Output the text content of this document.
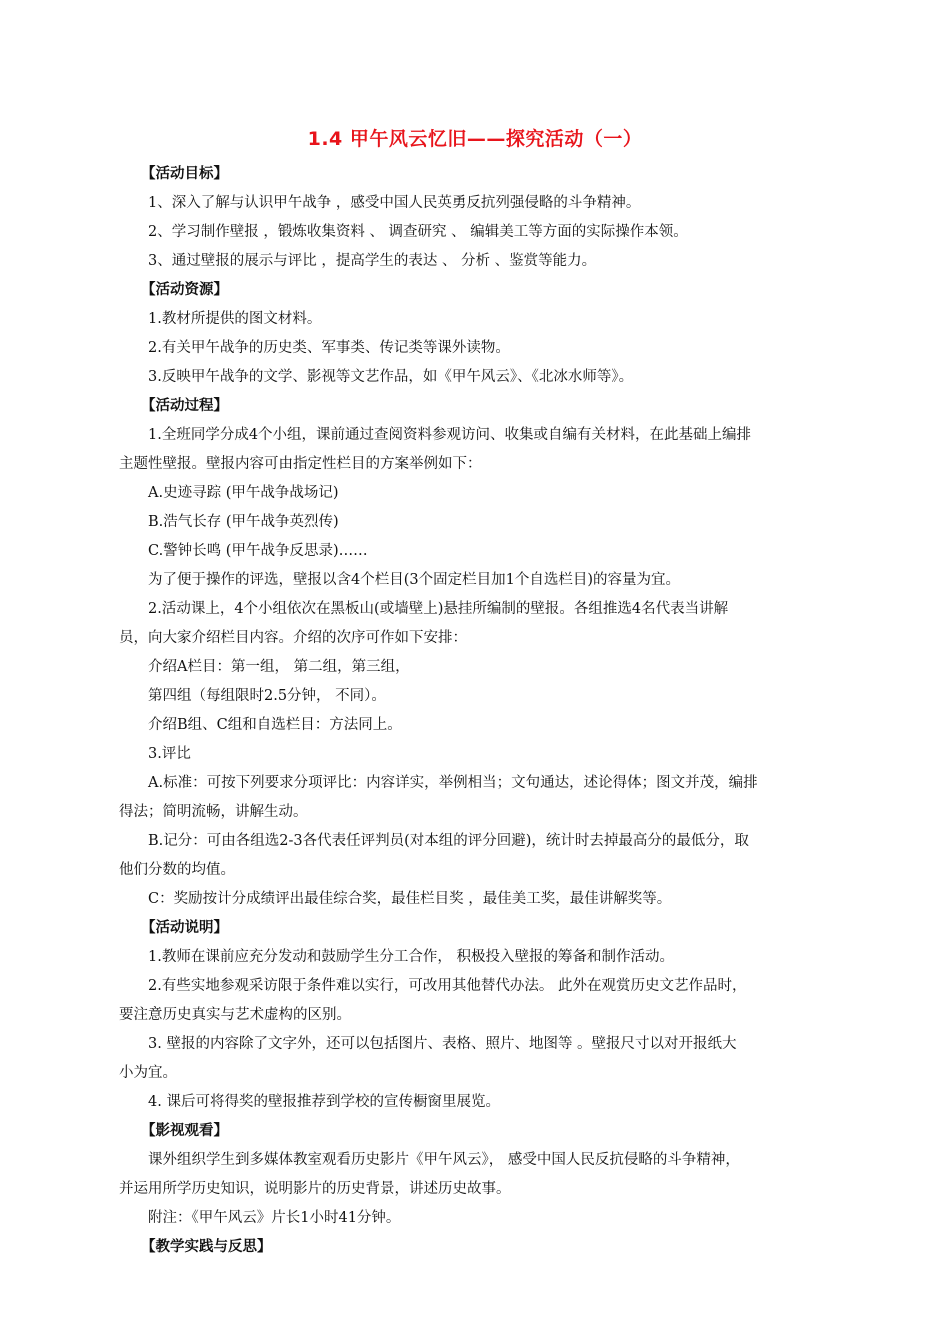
1.4 甲午风云忆旧——探究活动（一）
【活动目标】
1、深入了解与认识甲午战争 ，感受中国人民英勇反抗列强侵略的斗争精神。
2、学习制作壁报 ，锻炼收集资料 、 调查研究 、 编辑美工等方面的实际操作本领。
3、通过壁报的展示与评比 ，提高学生的表达 、 分析 、鉴赏等能力。
【活动资源】
1.教材所提供的图文材料。
2.有关甲午战争的历史类、军事类、传记类等课外读物。
3.反映甲午战争的文学、影视等文艺作品，如《甲午风云》、《北冰水师等》。
【活动过程】
1.全班同学分成4个小组，课前通过查阅资料参观访问、收集或自编有关材料，在此基础上编排
主题性壁报。壁报内容可由指定性栏目的方案举例如下：
A.史迹寻踪 (甲午战争战场记)
B.浩气长存 (甲午战争英烈传)
C.警钟长鸣 (甲午战争反思录)……
为了便于操作的评选，壁报以含4个栏目(3个固定栏目加1个自选栏目)的容量为宜。
2.活动课上，4个小组依次在黑板山(或墙壁上)悬挂所编制的壁报。各组推选4名代表当讲解
员，向大家介绍栏目内容。介绍的次序可作如下安排：
介绍A栏目：第一组， 第二组，第三组，
第四组（每组限时2.5分钟， 不同）。
介绍B组、C组和自选栏目：方法同上。
3.评比
A.标准：可按下列要求分项评比：内容详实，举例相当；文句通达，述论得体；图文并茂，编排
得法；简明流畅，讲解生动。
B.记分：可由各组选2-3各代表任评判员(对本组的评分回避)，统计时去掉最高分的最低分，取
他们分数的均值。
C：奖励按计分成绩评出最佳综合奖，最佳栏目奖 ，最佳美工奖，最佳讲解奖等。
【活动说明】
1.教师在课前应充分发动和鼓励学生分工合作， 积极投入壁报的筹备和制作活动。
2.有些实地参观采访限于条件难以实行，可改用其他替代办法。 此外在观赏历史文艺作品时，
要注意历史真实与艺术虚构的区别。
3. 壁报的内容除了文字外，还可以包括图片、表格、照片、地图等 。壁报尺寸以对开报纸大
小为宜。
4. 课后可将得奖的壁报推荐到学校的宣传橱窗里展览。
【影视观看】
课外组织学生到多媒体教室观看历史影片《甲午风云》， 感受中国人民反抗侵略的斗争精神，
并运用所学历史知识，说明影片的历史背景，讲述历史故事。
附注：《甲午风云》片长1小时41分钟。
【教学实践与反思】
